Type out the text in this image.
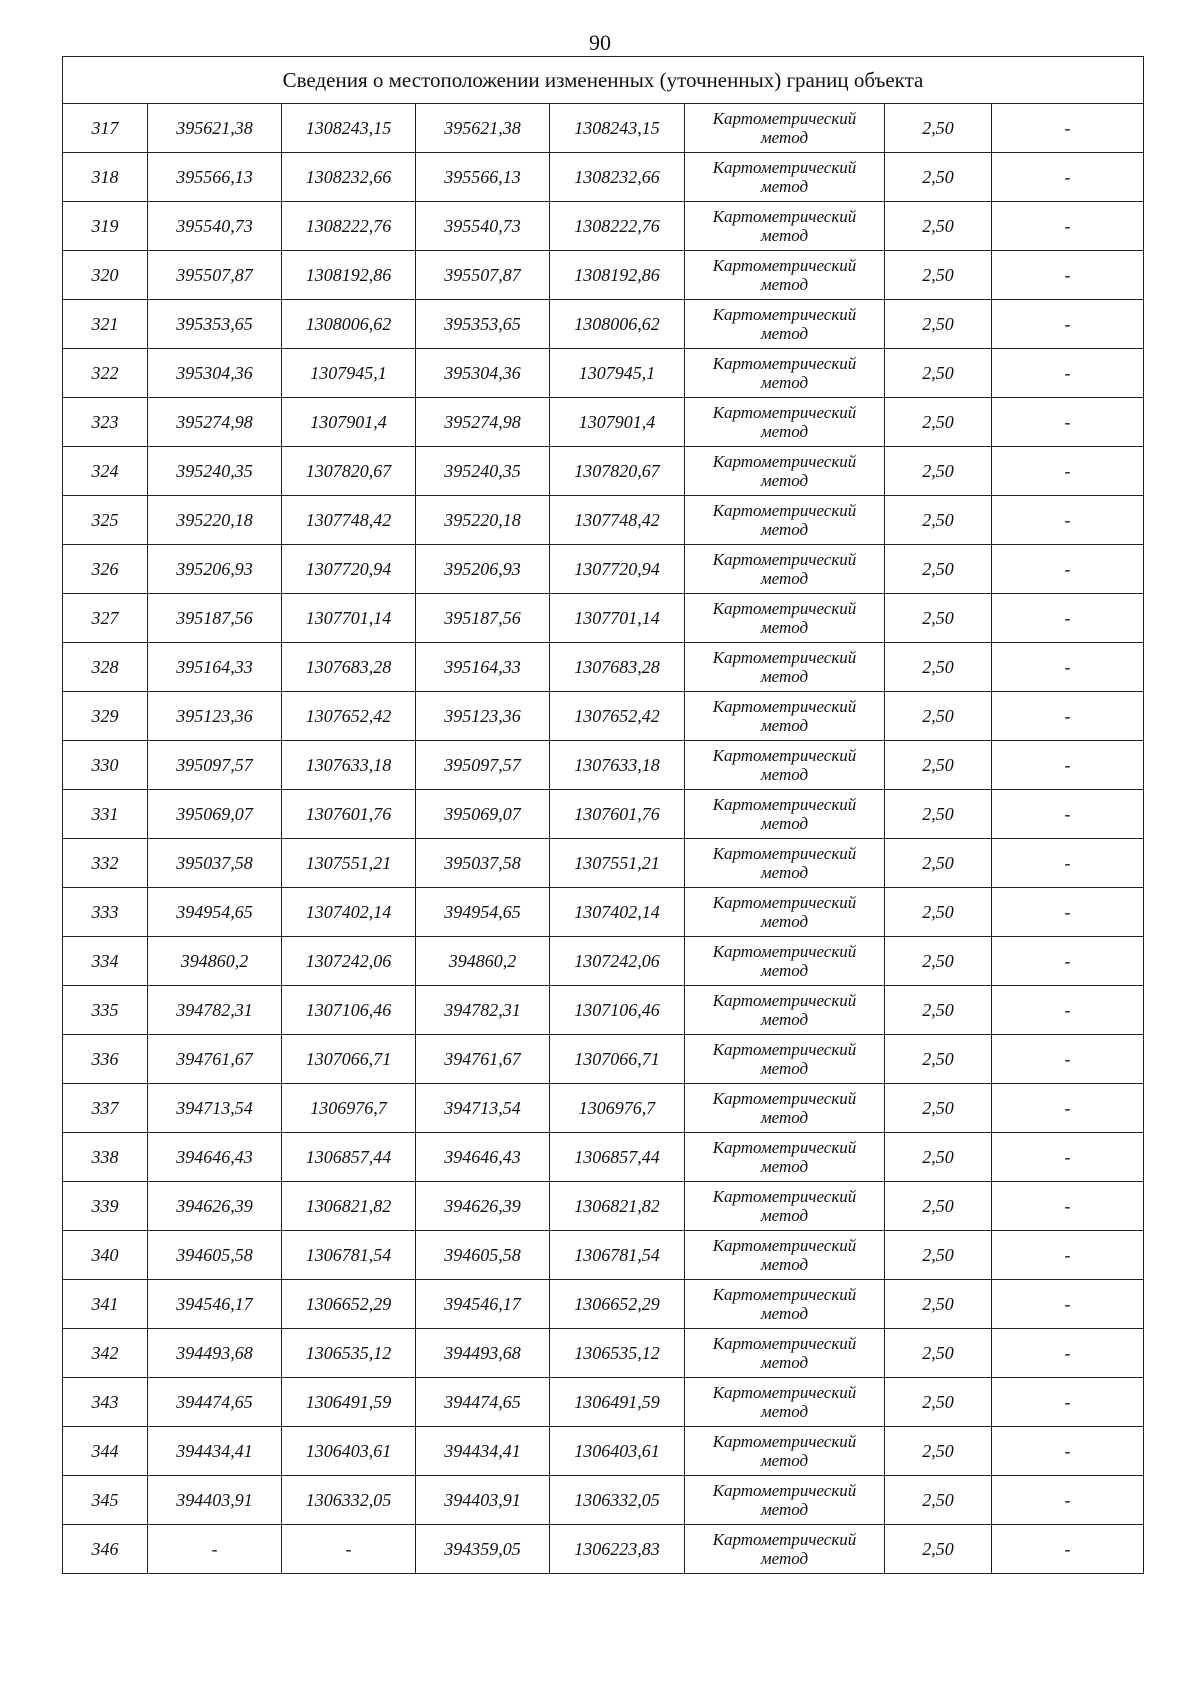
90
Сведения о местоположении измененных (уточненных) границ объекта							
317	395621,38	1308243,15	395621,38	1308243,15	Картометрический
метод	2,50	-
318	395566,13	1308232,66	395566,13	1308232,66	Картометрический
метод	2,50	-
319	395540,73	1308222,76	395540,73	1308222,76	Картометрический
метод	2,50	-
320	395507,87	1308192,86	395507,87	1308192,86	Картометрический
метод	2,50	-
321	395353,65	1308006,62	395353,65	1308006,62	Картометрический
метод	2,50	-
322	395304,36	1307945,1	395304,36	1307945,1	Картометрический
метод	2,50	-
323	395274,98	1307901,4	395274,98	1307901,4	Картометрический
метод	2,50	-
324	395240,35	1307820,67	395240,35	1307820,67	Картометрический
метод	2,50	-
325	395220,18	1307748,42	395220,18	1307748,42	Картометрический
метод	2,50	-
326	395206,93	1307720,94	395206,93	1307720,94	Картометрический
метод	2,50	-
327	395187,56	1307701,14	395187,56	1307701,14	Картометрический
метод	2,50	-
328	395164,33	1307683,28	395164,33	1307683,28	Картометрический
метод	2,50	-
329	395123,36	1307652,42	395123,36	1307652,42	Картометрический
метод	2,50	-
330	395097,57	1307633,18	395097,57	1307633,18	Картометрический
метод	2,50	-
331	395069,07	1307601,76	395069,07	1307601,76	Картометрический
метод	2,50	-
332	395037,58	1307551,21	395037,58	1307551,21	Картометрический
метод	2,50	-
333	394954,65	1307402,14	394954,65	1307402,14	Картометрический
метод	2,50	-
334	394860,2	1307242,06	394860,2	1307242,06	Картометрический
метод	2,50	-
335	394782,31	1307106,46	394782,31	1307106,46	Картометрический
метод	2,50	-
336	394761,67	1307066,71	394761,67	1307066,71	Картометрический
метод	2,50	-
337	394713,54	1306976,7	394713,54	1306976,7	Картометрический
метод	2,50	-
338	394646,43	1306857,44	394646,43	1306857,44	Картометрический
метод	2,50	-
339	394626,39	1306821,82	394626,39	1306821,82	Картометрический
метод	2,50	-
340	394605,58	1306781,54	394605,58	1306781,54	Картометрический
метод	2,50	-
341	394546,17	1306652,29	394546,17	1306652,29	Картометрический
метод	2,50	-
342	394493,68	1306535,12	394493,68	1306535,12	Картометрический
метод	2,50	-
343	394474,65	1306491,59	394474,65	1306491,59	Картометрический
метод	2,50	-
344	394434,41	1306403,61	394434,41	1306403,61	Картометрический
метод	2,50	-
345	394403,91	1306332,05	394403,91	1306332,05	Картометрический
метод	2,50	-
346	-	-	394359,05	1306223,83	Картометрический
метод	2,50	-
